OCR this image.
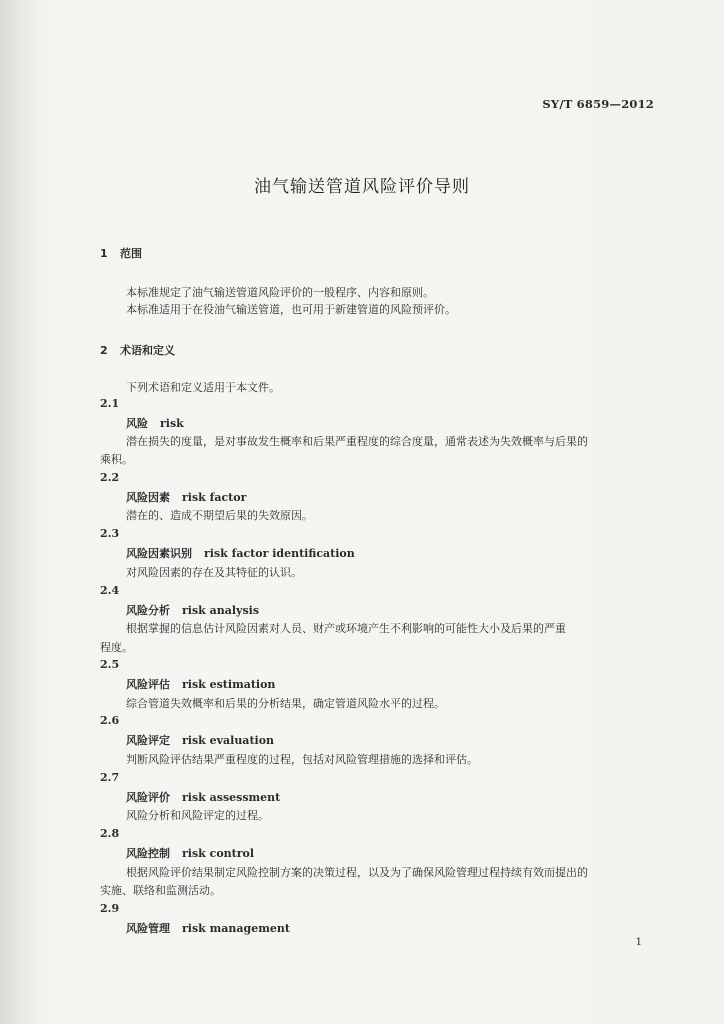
SY/T 6859—2012
油气输送管道风险评价导则
1 范围
本标准规定了油气输送管道风险评价的一般程序、内容和原则。
本标准适用于在役油气输送管道，也可用于新建管道的风险预评价。
2 术语和定义
下列术语和定义适用于本文件。
2.1
风险 risk
潜在损失的度量，是对事故发生概率和后果严重程度的综合度量，通常表述为失效概率与后果的
乘积。
2.2
风险因素 risk factor
潜在的、造成不期望后果的失效原因。
2.3
风险因素识别 risk factor identification
对风险因素的存在及其特征的认识。
2.4
风险分析 risk analysis
根据掌握的信息估计风险因素对人员、财产或环境产生不利影响的可能性大小及后果的严重
程度。
2.5
风险评估 risk estimation
综合管道失效概率和后果的分析结果，确定管道风险水平的过程。
2.6
风险评定 risk evaluation
判断风险评估结果严重程度的过程，包括对风险管理措施的选择和评估。
2.7
风险评价 risk assessment
风险分析和风险评定的过程。
2.8
风险控制 risk control
根据风险评价结果制定风险控制方案的决策过程，以及为了确保风险管理过程持续有效而提出的
实施、联络和监测活动。
2.9
风险管理 risk management
1
